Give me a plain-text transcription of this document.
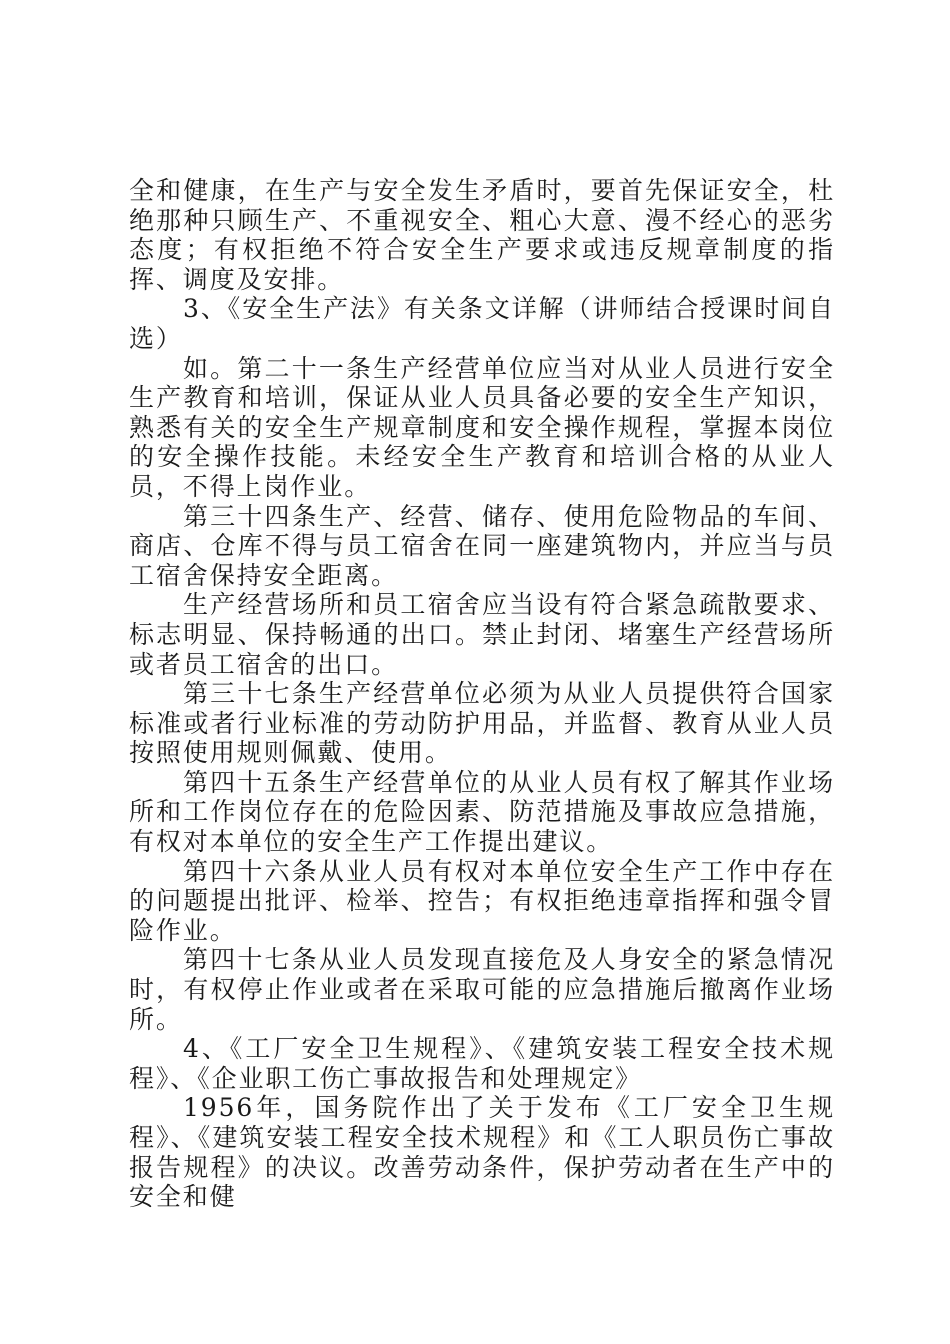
全和健康，在生产与安全发生矛盾时，要首先保证安全，杜绝那种只顾生产、不重视安全、粗心大意、漫不经心的恶劣态度；有权拒绝不符合安全生产要求或违反规章制度的指挥、调度及安排。

3、《安全生产法》有关条文详解（讲师结合授课时间自选）

如。第二十一条生产经营单位应当对从业人员进行安全生产教育和培训，保证从业人员具备必要的安全生产知识，熟悉有关的安全生产规章制度和安全操作规程，掌握本岗位的安全操作技能。未经安全生产教育和培训合格的从业人员，不得上岗作业。

第三十四条生产、经营、储存、使用危险物品的车间、商店、仓库不得与员工宿舍在同一座建筑物内，并应当与员工宿舍保持安全距离。

生产经营场所和员工宿舍应当设有符合紧急疏散要求、标志明显、保持畅通的出口。禁止封闭、堵塞生产经营场所或者员工宿舍的出口。

第三十七条生产经营单位必须为从业人员提供符合国家标准或者行业标准的劳动防护用品，并监督、教育从业人员按照使用规则佩戴、使用。

第四十五条生产经营单位的从业人员有权了解其作业场所和工作岗位存在的危险因素、防范措施及事故应急措施，有权对本单位的安全生产工作提出建议。

第四十六条从业人员有权对本单位安全生产工作中存在的问题提出批评、检举、控告；有权拒绝违章指挥和强令冒险作业。

第四十七条从业人员发现直接危及人身安全的紧急情况时，有权停止作业或者在采取可能的应急措施后撤离作业场所。

4、《工厂安全卫生规程》、《建筑安装工程安全技术规程》、《企业职工伤亡事故报告和处理规定》

1956年，国务院作出了关于发布《工厂安全卫生规程》、《建筑安装工程安全技术规程》和《工人职员伤亡事故报告规程》的决议。改善劳动条件，保护劳动者在生产中的安全和健
